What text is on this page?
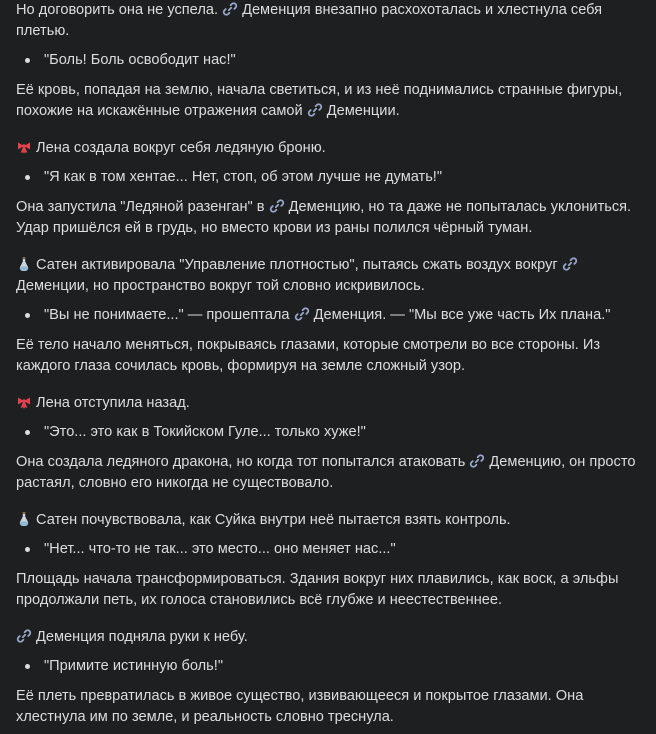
Но договорить она не успела.
Деменция внезапно расхохоталась и хлестнула себя плетью.

"Боль! Боль освободит нас!"

Её кровь, попадая на землю, начала светиться, и из неё поднимались странные фигуры, похожие на искажённые отражения самой
Деменции.

Лена создала вокруг себя ледяную броню.

"Я как в том хентае... Нет, стоп, об этом лучше не думать!"

Она запустила "Ледяной разенган" в
Деменцию, но та даже не попыталась уклониться. Удар пришёлся ей в грудь, но вместо крови из раны полился чёрный туман.

Сатен активировала "Управление плотностью", пытаясь сжать воздух вокруг
Деменции, но пространство вокруг той словно искривилось.

"Вы не понимаете..." — прошептала
Деменция. — "Мы все уже часть Их плана."

Её тело начало меняться, покрываясь глазами, которые смотрели во все стороны. Из каждого глаза сочилась кровь, формируя на земле сложный узор.

Лена отступила назад.

"Это... это как в Токийском Гуле... только хуже!"

Она создала ледяного дракона, но когда тот попытался атаковать
Деменцию, он просто растаял, словно его никогда не существовало.

Сатен почувствовала, как Суйка внутри неё пытается взять контроль.

"Нет... что-то не так... это место... оно меняет нас..."

Площадь начала трансформироваться. Здания вокруг них плавились, как воск, а эльфы продолжали петь, их голоса становились всё глубже и неестественнее.

Деменция подняла руки к небу.

"Примите истинную боль!"

Её плеть превратилась в живое существо, извивающееся и покрытое глазами. Она хлестнула им по земле, и реальность словно треснула.
